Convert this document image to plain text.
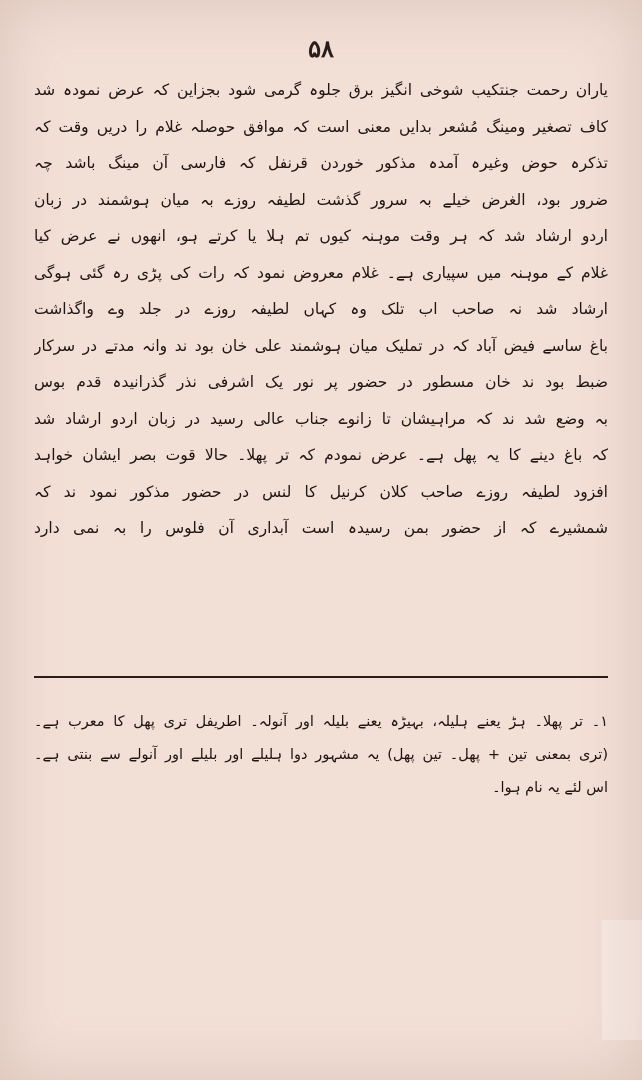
۵۸
یاران رحمت جنتکیب شوخی انگیز برق جلوہ گرمی شود بجزاین کہ عرض نمودہ شد
کاف تصغیر ومینگ مُشعر بدایں معنی است کہ موافق حوصلہ غلام را دریں وقت کہ
تذکرہ حوض وغیرہ آمدہ مذکور خوردن قرنفل کہ فارسی آن مینگ باشد چہ
ضرور بود، الغرض خیلے بہ سرور گذشت لطیفہ روزے بہ میان ہوشمند در زبان
اردو ارشاد شد کہ ہر وقت موہنہ کیوں تم ہلا یا کرتے ہو، انھوں نے عرض کیا
غلام کے موہنہ میں سپیاری ہے۔ غلام معروض نمود کہ رات کی پڑی رہ گئی ہوگی
ارشاد شد نہ صاحب اب تلک وہ کہاں لطیفہ روزے در جلد وے واگذاشت
باغ ساسے فیض آباد کہ در تملیک میان ہوشمند علی خان بود ند وانہ مدتے در سرکار
ضبط بود ند خان مسطور در حضور پر نور یک اشرفی نذر گذرانیدہ قدم بوس
بہ وضع شد ند کہ مراہیشان تا زانوے جناب عالی رسید در زبان اردو ارشاد شد
کہ باغ دینے کا یہ پھل ہے۔ عرض نمودم کہ تر پھلا۔ حالا قوت بصر ایشان خواہد
افزود لطیفہ روزے صاحب کلان کرنیل کا لنس در حضور مذکور نمود ند کہ
شمشیرے کہ از حضور بمن رسیدہ است آبداری آن فلوس را بہ نمی دارد
۱۔ تر پھلا۔ ہڑ یعنے ہلیلہ، بہیڑہ یعنے بلیلہ اور آنولہ۔ اطریفل تری پھل کا معرب ہے۔
(تری بمعنی تین + پھل۔ تین پھل) یہ مشہور دوا ہلیلے اور بلیلے اور آنولے سے بنتی ہے۔
اس لئے یہ نام ہوا۔
